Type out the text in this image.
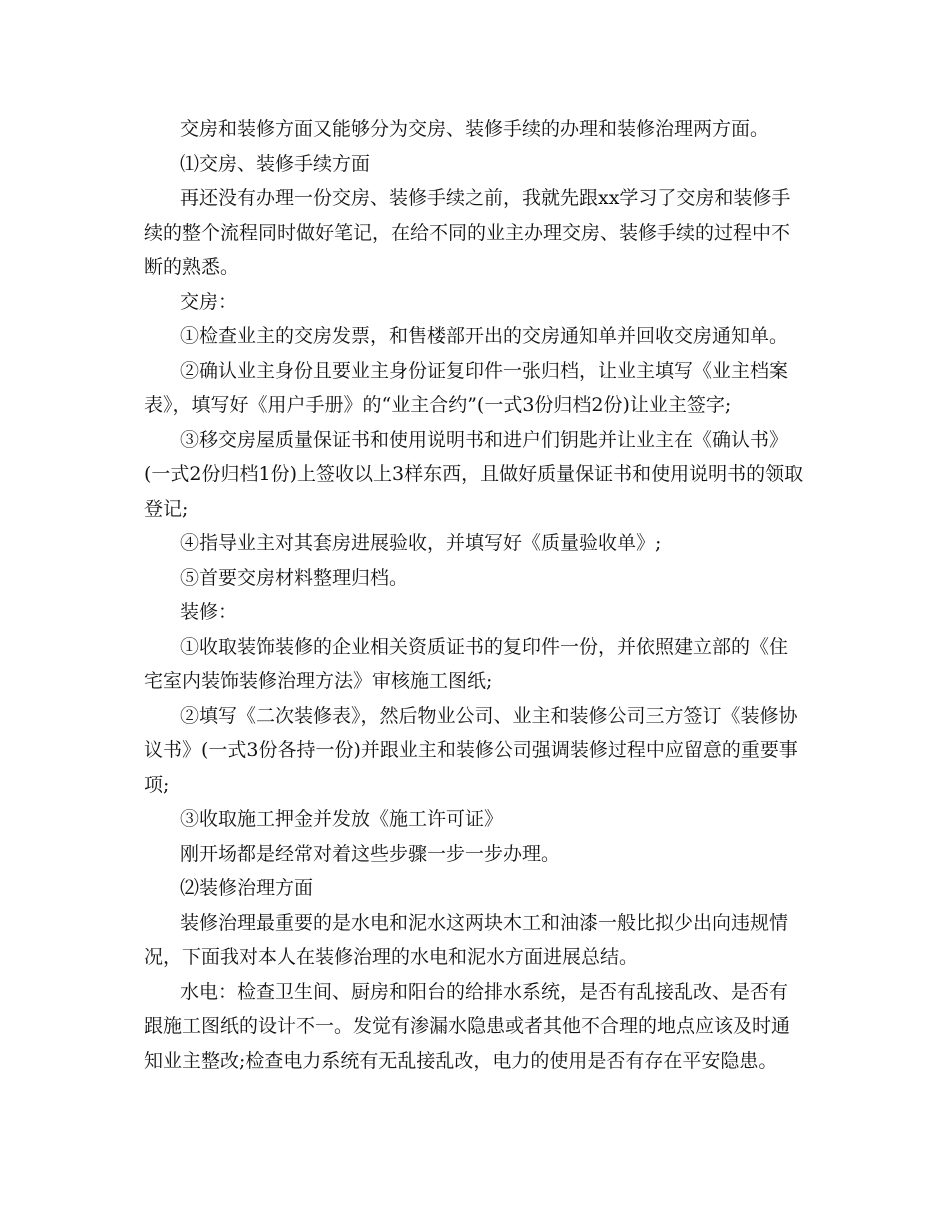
交房和装修方面又能够分为交房、装修手续的办理和装修治理两方面。

⑴交房、装修手续方面

再还没有办理一份交房、装修手续之前，我就先跟xx学习了交房和装修手续的整个流程同时做好笔记，在给不同的业主办理交房、装修手续的过程中不断的熟悉。

交房：

①检查业主的交房发票，和售楼部开出的交房通知单并回收交房通知单。

②确认业主身份且要业主身份证复印件一张归档，让业主填写《业主档案表》，填写好《用户手册》的“业主合约”(一式3份归档2份)让业主签字;

③移交房屋质量保证书和使用说明书和进户们钥匙并让业主在《确认书》(一式2份归档1份)上签收以上3样东西，且做好质量保证书和使用说明书的领取登记;

④指导业主对其套房进展验收，并填写好《质量验收单》;

⑤首要交房材料整理归档。

装修：

①收取装饰装修的企业相关资质证书的复印件一份，并依照建立部的《住宅室内装饰装修治理方法》审核施工图纸;

②填写《二次装修表》，然后物业公司、业主和装修公司三方签订《装修协议书》(一式3份各持一份)并跟业主和装修公司强调装修过程中应留意的重要事项;

③收取施工押金并发放《施工许可证》

刚开场都是经常对着这些步骤一步一步办理。

⑵装修治理方面

装修治理最重要的是水电和泥水这两块木工和油漆一般比拟少出向违规情况，下面我对本人在装修治理的水电和泥水方面进展总结。

水电：检查卫生间、厨房和阳台的给排水系统，是否有乱接乱改、是否有跟施工图纸的设计不一。发觉有渗漏水隐患或者其他不合理的地点应该及时通知业主整改;检查电力系统有无乱接乱改，电力的使用是否有存在平安隐患。
